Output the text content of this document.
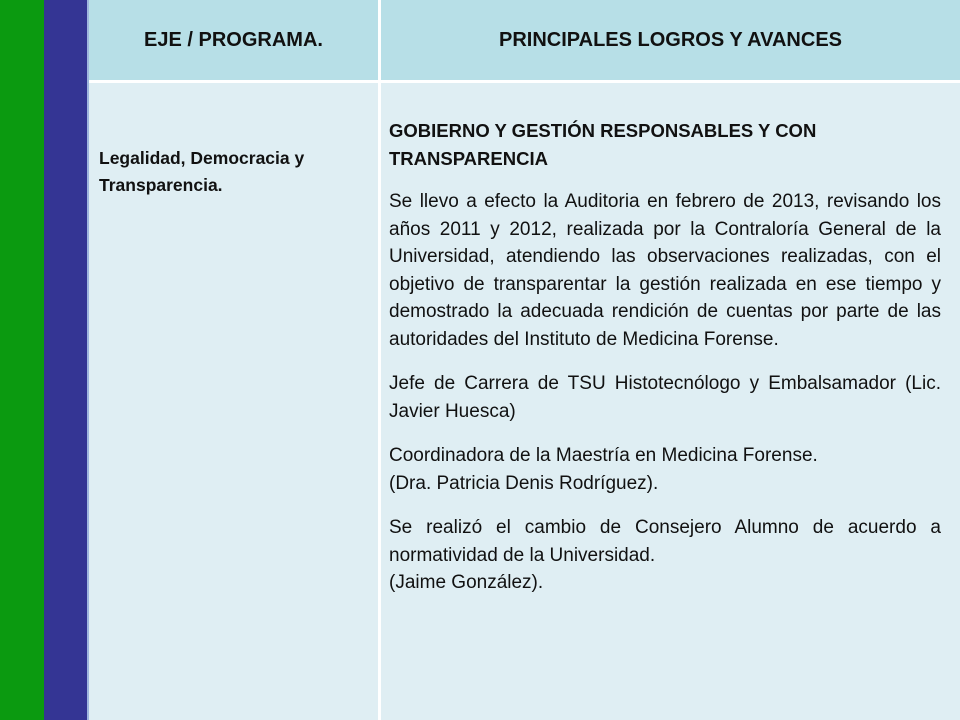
EJE / PROGRAMA.	PRINCIPALES LOGROS Y AVANCES
Legalidad, Democracia y Transparencia.

GOBIERNO Y GESTIÓN RESPONSABLES Y CON TRANSPARENCIA

Se llevo a efecto la Auditoria en febrero de 2013, revisando los años 2011 y 2012, realizada por la Contraloría General de la Universidad, atendiendo las observaciones realizadas, con el objetivo de transparentar la gestión realizada en ese tiempo y demostrado la adecuada rendición de cuentas por parte de las autoridades del Instituto de Medicina Forense.

Jefe de Carrera de TSU Histotecnólogo y Embalsamador (Lic. Javier Huesca)

Coordinadora de la Maestría en Medicina Forense.

(Dra. Patricia Denis Rodríguez).

Se realizó el cambio de Consejero Alumno de acuerdo a normatividad de la Universidad.

(Jaime González).
